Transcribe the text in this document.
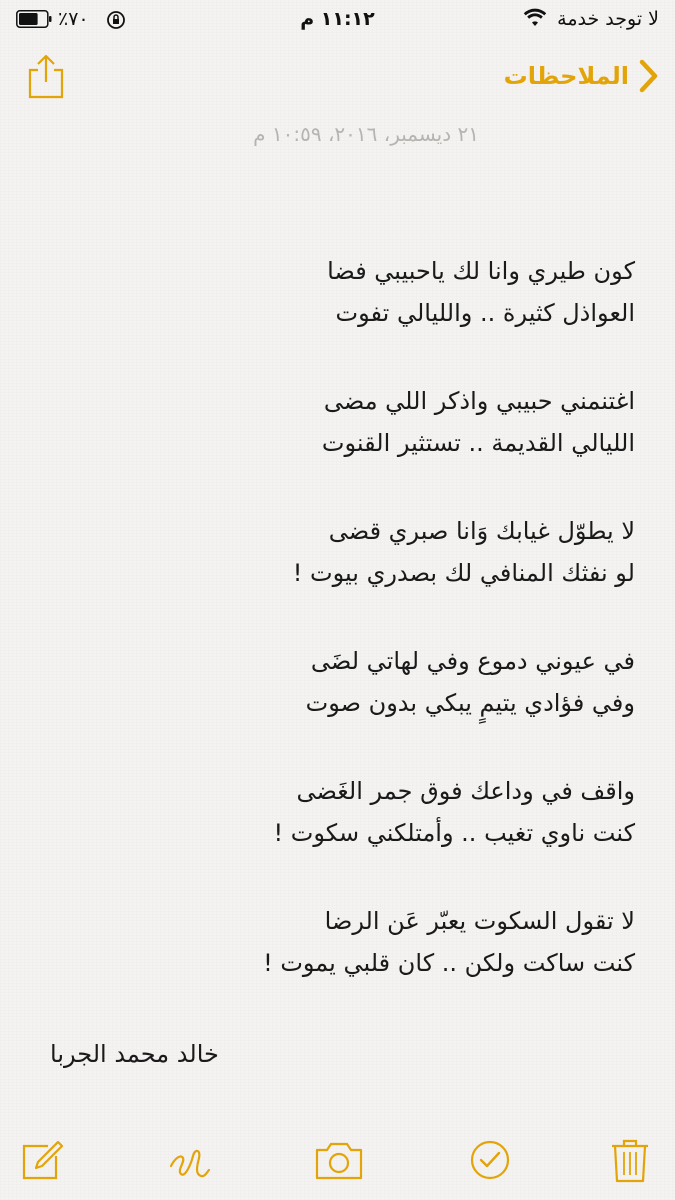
لا توجد خدمة
١١:١٢ م
٪٧٠
الملاحظات
٢١ ديسمبر، ٢٠١٦، ١٠:٥٩ م
كون طيري وانا لك ياحبيبي فضا
العواذل كثيرة .. والليالي تفوت
اغتنمني حبيبي واذكر اللي مضى
الليالي القديمة .. تستثير القنوت
لا يطوّل غيابك وَانا صبري قضى
لو نفثك المنافي لك بصدري بيوت !
في عيوني دموع وفي لهاتي لضَى
وفي فؤادي يتيمٍ يبكي بدون صوت
واقف في وداعك فوق جمر الغَضى
كنت ناوي تغيب .. وأمتلكني سكوت !
لا تقول السكوت يعبّر عَن الرضا
كنت ساكت ولكن .. كان قلبي يموت !
خالد محمد الجربا
